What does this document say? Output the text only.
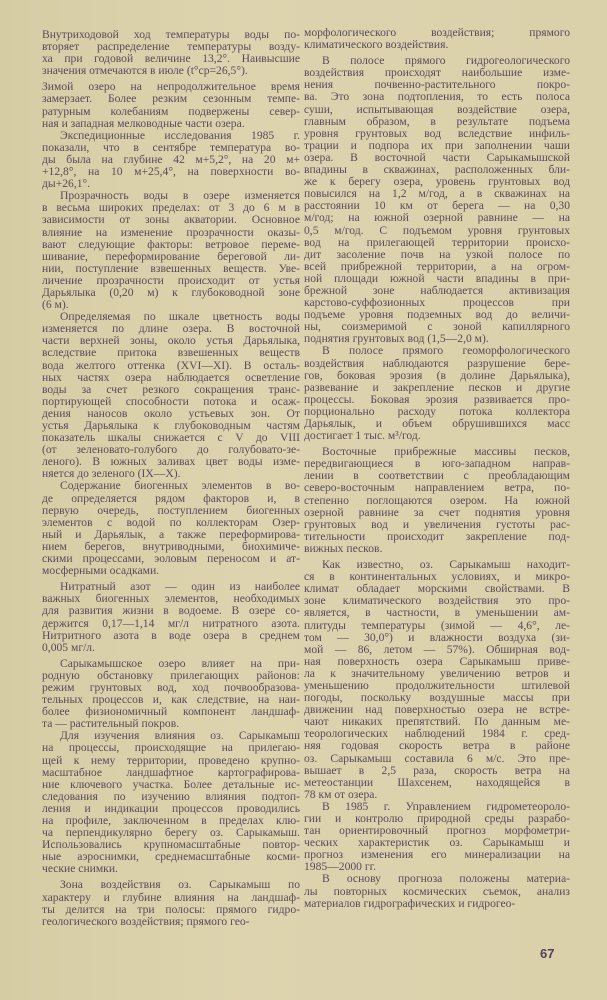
Внутриходовой ход температуры воды по-
вторяет распределение температуры возду-
ха при годовой величине 13,2°. Наивысшие
значения отмечаются в июле (t°ср=26,5°).
Зимой озеро на непродолжительное время
замерзает. Более резким сезонным темпе-
ратурным колебаниям подвержены север-
ная и западная мелководные части озера.
Экспедиционные исследования 1985 г.
показали, что в сентябре температура во-
ды была на глубине 42 м+5,2°, на 20 м+
+12,8°, на 10 м+25,4°, на поверхности во-
ды+26,1°.
Прозрачность воды в озере изменяется
в весьма широких пределах: от 3 до 6 м в
зависимости от зоны акватории. Основное
влияние на изменение прозрачности оказы-
вают следующие факторы: ветровое переме-
шивание, переформирование береговой ли-
нии, поступление взвешенных веществ. Уве-
личение прозрачности происходит от устья
Дарьялыка (0,20 м) к глубоководной зоне
(6 м).
Определяемая по шкале цветность воды
изменяется по длине озера. В восточной
части верхней зоны, около устья Дарьялыка,
вследствие притока взвешенных веществ
вода желтого оттенка (XVI—XI). В осталь-
ных частях озера наблюдается осветление
воды за счет резкого сокращения транс-
портирующей способности потока и осаж-
дения наносов около устьевых зон. От
устья Дарьялыка к глубоководным частям
показатель шкалы снижается с V до VIII
(от зеленовато-голубого до голубовато-зе-
леного). В южных заливах цвет воды изме-
няется до зеленого (IX—X).
Содержание биогенных элементов в во-
де определяется рядом факторов и, в
первую очередь, поступлением биогенных
элементов с водой по коллекторам Озер-
ный и Дарьялык, а также переформирова-
нием берегов, внутриводными, биохимиче-
скими процессами, эоловым переносом и ат-
мосферными осадками.
Нитратный азот — один из наиболее
важных биогенных элементов, необходимых
для развития жизни в водоеме. В озере со-
держится 0,17—1,14 мг/л нитратного азота.
Нитритного азота в воде озера в среднем
0,005 мг/л.
Сарыкамышское озеро влияет на при-
родную обстановку прилегающих районов:
режим грунтовых вод, ход почвообразова-
тельных процессов и, как следствие, на наи-
более физиономичный компонент ландшаф-
та — растительный покров.
Для изучения влияния оз. Сарыкамыш
на процессы, происходящие на прилегаю-
щей к нему территории, проведено крупно-
масштабное ландшафтное картографирова-
ние ключевого участка. Более детальные ис-
следования по изучению влияния подтоп-
ления и индикации процессов проводились
на профиле, заключенном в пределах клю-
ча перпендикулярно берегу оз. Сарыкамыш.
Использовались крупномасштабные повтор-
ные аэроснимки, среднемасштабные косми-
ческие снимки.
Зона воздействия оз. Сарыкамыш по
характеру и глубине влияния на ландшаф-
ты делится на три полосы: прямого гидро-
геологического воздействия; прямого гео-
морфологического воздействия; прямого
климатического воздействия.
В полосе прямого гидрогеологического
воздействия происходят наибольшие изме-
нения почвенно-растительного покро-
ва. Это зона подтопления, то есть полоса
суши, испытывающая воздействие озера,
главным образом, в результате подъема
уровня грунтовых вод вследствие инфиль-
трации и подпора их при заполнении чаши
озера. В восточной части Сарыкамышской
впадины в скважинах, расположенных бли-
же к берегу озера, уровень грунтовых вод
повысился на 1,2 м/год, а в скважинах на
расстоянии 10 км от берега — на 0,30
м/год; на южной озерной равнине — на
0,5 м/год. С подъемом уровня грунтовых
вод на прилегающей территории происхо-
дит засоление почв на узкой полосе по
всей прибрежной территории, а на огром-
ной площади южной части впадины в при-
брежной зоне наблюдается активизация
карстово-суффозионных процессов при
подъеме уровня подземных вод до величи-
ны, соизмеримой с зоной капиллярного
поднятия грунтовых вод (1,5—2,0 м).
В полосе прямого геоморфологического
воздействия наблюдаются разрушение бере-
гов, боковая эрозия (в долине Дарьялыка),
развевание и закрепление песков и другие
процессы. Боковая эрозия развивается про-
порционально расходу потока коллектора
Дарьялык, и объем обрушившихся масс
достигает 1 тыс. м³/год.
Восточные прибрежные массивы песков,
передвигающиеся в юго-западном направ-
лении в соответствии с преобладающим
северо-восточным направлением ветра, по-
степенно поглощаются озером. На южной
озерной равнине за счет поднятия уровня
грунтовых вод и увеличения густоты рас-
тительности происходит закрепление под-
вижных песков.
Как известно, оз. Сарыкамыш находит-
ся в континентальных условиях, и микро-
климат обладает морскими свойствами. В
зоне климатического воздействия это про-
является, в частности, в уменьшении ам-
плитуды температуры (зимой — 4,6°, ле-
том — 30,0°) и влажности воздуха (зи-
мой — 86, летом — 57%). Обширная вод-
ная поверхность озера Сарыкамыш приве-
ла к значительному увеличению ветров и
уменьшению продолжительности штилевой
погоды, поскольку воздушные массы при
движении над поверхностью озера не встре-
чают никаких препятствий. По данным ме-
теорологических наблюдений 1984 г. сред-
няя годовая скорость ветра в районе
оз. Сарыкамыш составила 6 м/с. Это пре-
вышает в 2,5 раза, скорость ветра на
метеостанции Шахсенем, находящейся в
78 км от озера.
В 1985 г. Управлением гидрометеороло-
гии и контролю природной среды разрабо-
тан ориентировочный прогноз морфометри-
ческих характеристик оз. Сарыкамыш и
прогноз изменения его минерализации на
1985—2000 гг.
В основу прогноза положены материа-
лы повторных космических съемок, анализ
материалов гидрографических и гидрогео-
67
